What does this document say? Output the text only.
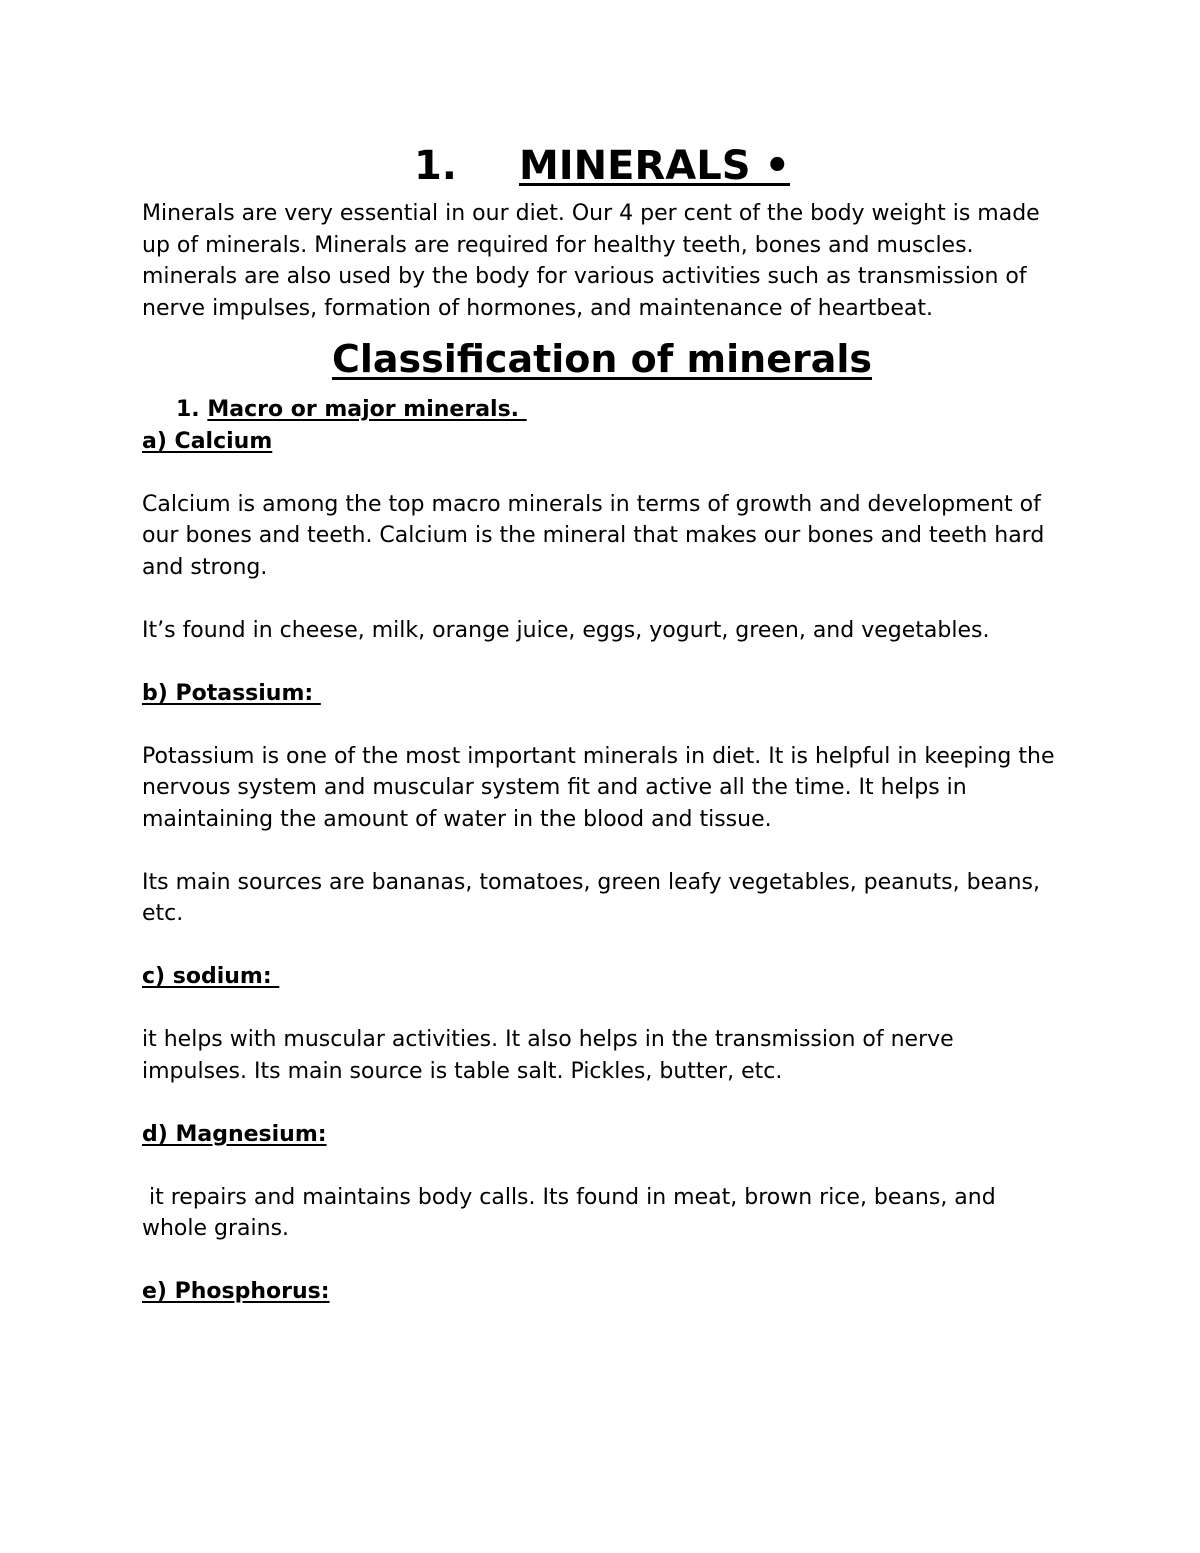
1. MINERALS •

Minerals are very essential in our diet. Our 4 per cent of the body weight is made up of minerals. Minerals are required for healthy teeth, bones and muscles. minerals are also used by the body for various activities such as transmission of nerve impulses, formation of hormones, and maintenance of heartbeat.

Classification of minerals
1. Macro or major minerals.
a) Calcium

Calcium is among the top macro minerals in terms of growth and development of our bones and teeth. Calcium is the mineral that makes our bones and teeth hard and strong.

It’s found in cheese, milk, orange juice, eggs, yogurt, green, and vegetables.

b) Potassium:

Potassium is one of the most important minerals in diet. It is helpful in keeping the nervous system and muscular system fit and active all the time. It helps in maintaining the amount of water in the blood and tissue.

Its main sources are bananas, tomatoes, green leafy vegetables, peanuts, beans, etc.

c) sodium:

it helps with muscular activities. It also helps in the transmission of nerve impulses. Its main source is table salt. Pickles, butter, etc.

d) Magnesium:

it repairs and maintains body calls. Its found in meat, brown rice, beans, and whole grains.

e) Phosphorus:
